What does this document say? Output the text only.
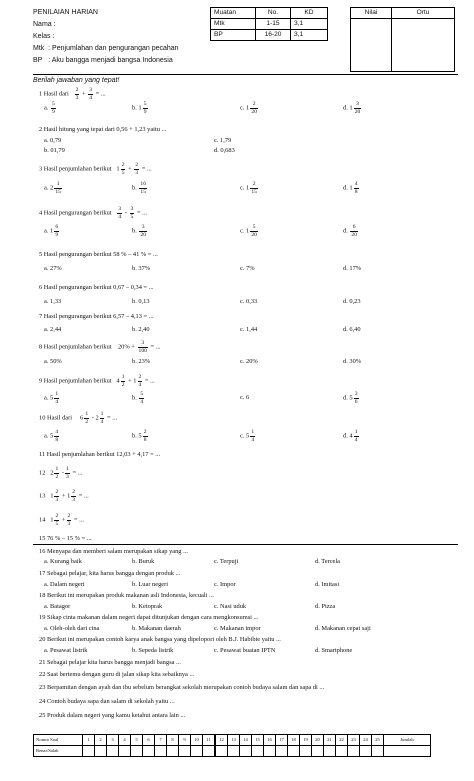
PENILAIAN HARIAN
Nama :
Kelas :
Mtk : Penjumlahan dan pengurangan pecahan
BP : Aku bangga menjadi bangsa Indonesia
Muatan	No.	KD
Mtk	1-15	3,1
BP	16-20	3,1
Nilai	Ortu

Berilah jawaban yang tepat!
1 Hasil dari $\frac{2}{3} + \frac{3}{4}$ = ...
a. $\frac{5}{9}$	b. $1 \frac{5}{9}$	c. $1 \frac{2}{20}$	d. $1 \frac{3}{20}$
2 Hasil hitung yang tepat dari 0,56 + 1,23 yaitu ...
a. 0,79	c. 1,79
b. 01,79	d. 0,683
3 Hasil penjumlahan berikut $1 \frac{2}{5} + \frac{2}{3}$ = ...
a. $2 \frac{1}{15}$	b. $\frac{16}{15}$	c. $1 \frac{2}{15}$	d. $1 \frac{4}{8}$
4 Hasil pengurangan berikut $\frac{3}{4} - \frac{3}{5}$ = ...
a. $1 \frac{6}{9}$	b. $\frac{3}{20}$	c. $1 \frac{5}{20}$	d. $\frac{6}{20}$
5 Hasil pengurangan berikut 58 % – 41 % = ...
a. 27%	b. 37%	c. 7%	d. 17%
6 Hasil pengurangan berikut 0,67 – 0,34 = ...
a. 1,33	b. 0,13	c. 0,33	d. 0,23
7 Hasil pengurangan berikut 6,57 – 4,13 = ...
a. 2,44	b. 2,40	c. 1,44	d. 6,40
8 Hasil penjumlahan berikut $20\% + \frac{3}{100}$ = ...
a. 50%	b. 23%	c. 20%	d. 30%
9 Hasil penjumlahan berikut $4 \frac{1}{2} + 1 \frac{2}{4}$ = ...
a. $5 \frac{1}{4}$	b. $\frac{5}{4}$	c. 6	d. $5 \frac{3}{6}$
10 Hasil dari $6 \frac{1}{2} - 2 \frac{1}{4}$ = ...
a. $5 \frac{4}{8}$	b. $5 \frac{2}{8}$	c. $5 \frac{1}{4}$	d. $4 \frac{1}{4}$
11 Hasil penjumlahan berikut 12,03 + 4,17 = ...
12 $2 \frac{1}{2} - \frac{1}{3}$ = ...
13 $1 \frac{2}{3} + 1 \frac{2}{3}$ = ...
14 $1 \frac{2}{5} + \frac{2}{3}$ = ...
15 76 % – 15 % = ...
16 Menyapa dan memberi salam merupakan sikap yang ...
a. Kurang baik	b. Buruk	c. Terpuji	d. Tercela
17 Sebagai pelajar, kita harus bangga dengan produk ...
a. Dalam negeri	b. Luar negeri	c. Impor	d. Imitasi
18 Berikut ini merupakan produk makanan asli Indonesia, kecuali ...
a. Batagor	b. Ketoprak	c. Nasi uduk	d. Pizza
19 Sikap cinta makanan dalam negeri dapat ditunjukan dengan cara mengkonsumsi ...
a. Oleh-oleh dari cina	b. Makanan daerah	c. Makanan impor	d. Makanan cepat saji
20 Berikut ini merupakan contoh karya anak bangsa yang dipelopori oleh B.J. Habibie yaitu ...
a. Pesawat listrik	b. Sepeda listrik	c. Pesawat buatan IPTN	d. Smartphone
21 Sebagai pelajar kita harus bangga menjadi bangsa ...
22 Saat bertemu dengan guru di jalan sikap kita sebaiknya ...
23 Berpamitan dengan ayah dan ibu sebelum berangkat sekolah merupakan contoh budaya salam dan sapa di ...
24 Contoh budaya sapa dan salam di sekolah yaitu ...
25 Produk dalam negeri yang kamu ketahui antara lain ...
Nomor Soal	1	2	3	4	5	6	7	8	9	10	11	12	13	14	15	16	17	18	19	20	21	22	23	24	25	Jumlah
Benar/Salah																										
